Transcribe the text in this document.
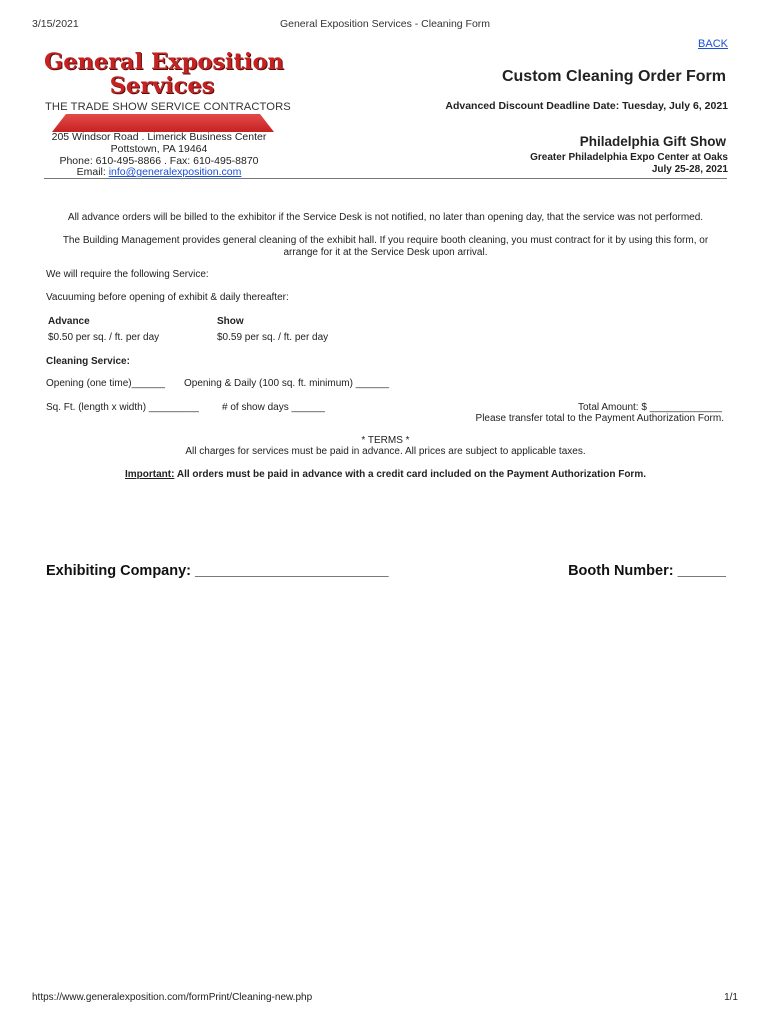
3/15/2021	General Exposition Services - Cleaning Form
BACK
General Exposition
Services
THE TRADE SHOW SERVICE CONTRACTORS
Custom Cleaning Order Form
Advanced Discount Deadline Date: Tuesday, July 6, 2021
205 Windsor Road . Limerick Business Center
Pottstown, PA 19464
Phone: 610-495-8866 . Fax: 610-495-8870
Email: info@generalexposition.com
Philadelphia Gift Show
Greater Philadelphia Expo Center at Oaks
July 25-28, 2021
All advance orders will be billed to the exhibitor if the Service Desk is not notified, no later than opening day, that the service was not performed.
The Building Management provides general cleaning of the exhibit hall. If you require booth cleaning, you must contract for it by using this form, or
arrange for it at the Service Desk upon arrival.
We will require the following Service:
Vacuuming before opening of exhibit & daily thereafter:
Advance	Show
$0.50 per sq. / ft. per day	$0.59 per sq. / ft. per day
Cleaning Service:
Opening (one time)______ Opening & Daily (100 sq. ft. minimum) ______
Sq. Ft. (length x width) _________ # of show days ______	Total Amount: $ _____________
Please transfer total to the Payment Authorization Form.
* TERMS *
All charges for services must be paid in advance. All prices are subject to applicable taxes.
Important: All orders must be paid in advance with a credit card included on the Payment Authorization Form.
Exhibiting Company: ________________________	Booth Number: ______
https://www.generalexposition.com/formPrint/Cleaning-new.php	1/1
